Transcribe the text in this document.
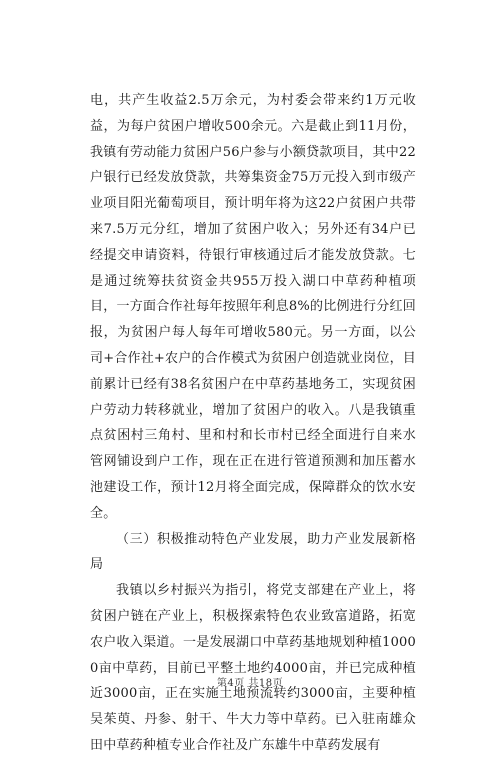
电，共产生收益2.5万余元，为村委会带来约1万元收益，为每户贫困户增收500余元。六是截止到11月份，我镇有劳动能力贫困户56户参与小额贷款项目，其中22户银行已经发放贷款，共筹集资金75万元投入到市级产业项目阳光葡萄项目，预计明年将为这22户贫困户共带来7.5万元分红，增加了贫困户收入；另外还有34户已经提交申请资料，待银行审核通过后才能发放贷款。七是通过统筹扶贫资金共955万投入湖口中草药种植项目，一方面合作社每年按照年利息8%的比例进行分红回报，为贫困户每人每年可增收580元。另一方面，以公司+合作社+农户的合作模式为贫困户创造就业岗位，目前累计已经有38名贫困户在中草药基地务工，实现贫困户劳动力转移就业，增加了贫困户的收入。八是我镇重点贫困村三角村、里和村和长市村已经全面进行自来水管网铺设到户工作，现在正在进行管道预测和加压蓄水池建设工作，预计12月将全面完成，保障群众的饮水安全。

（三）积极推动特色产业发展，助力产业发展新格局

我镇以乡村振兴为指引，将党支部建在产业上，将贫困户链在产业上，积极探索特色农业致富道路，拓宽农户收入渠道。一是发展湖口中草药基地规划种植10000亩中草药，目前已平整土地约4000亩，并已完成种植近3000亩，正在实施土地预流转约3000亩，主要种植吴茱萸、丹参、射干、牛大力等中草药。已入驻南雄众田中草药种植专业合作社及广东雄牛中草药发展有

第4页 共18页
